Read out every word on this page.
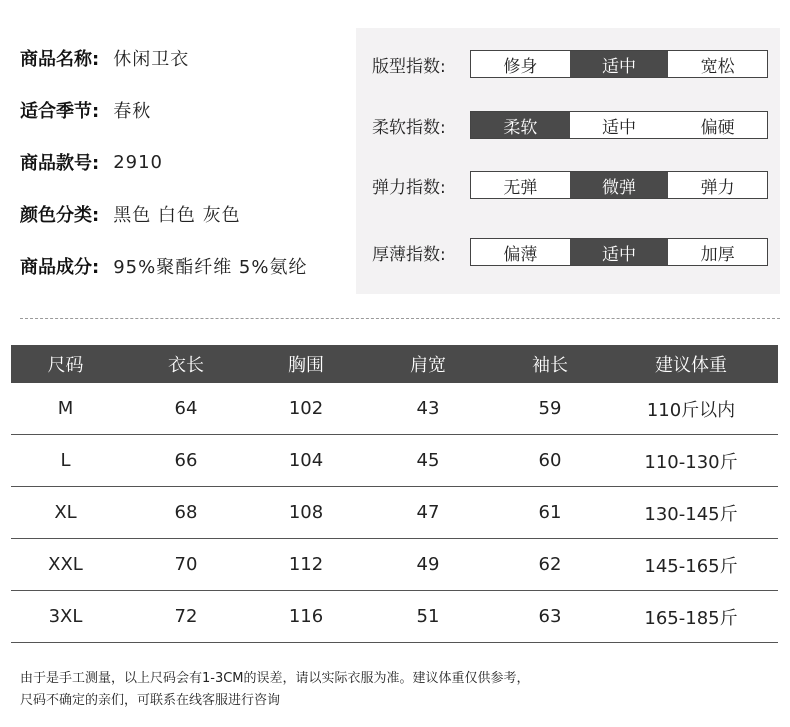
商品名称: 休闲卫衣
适合季节: 春秋
商品款号: 2910
颜色分类: 黑色 白色 灰色
商品成分: 95%聚酯纤维 5%氨纶
版型指数:	修身	适中	宽松
柔软指数:	柔软	适中	偏硬
弹力指数:	无弹	微弹	弹力
厚薄指数:	偏薄	适中	加厚
尺码	衣长	胸围	肩宽	袖长	建议体重
M	64	102	43	59	110斤以内
L	66	104	45	60	110-130斤
XL	68	108	47	61	130-145斤
XXL	70	112	49	62	145-165斤
3XL	72	116	51	63	165-185斤
由于是手工测量，以上尺码会有1-3CM的误差，请以实际衣服为准。建议体重仅供参考，
尺码不确定的亲们，可联系在线客服进行咨询
